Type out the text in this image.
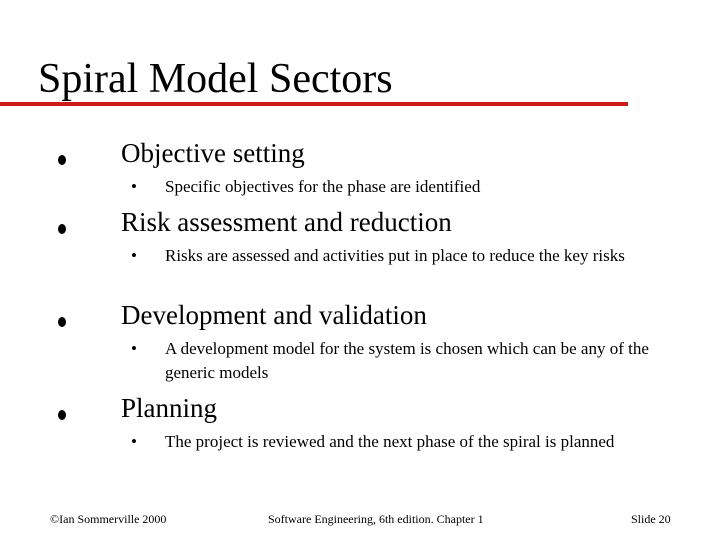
Spiral Model Sectors
Objective setting
• Specific objectives for the phase are identified
Risk assessment and reduction
• Risks are assessed and activities put in place to reduce the key risks
Development and validation
• A development model for the system is chosen which can be any of the generic models
Planning
• The project is reviewed and the next phase of the spiral is planned
©Ian Sommerville 2000	Software Engineering, 6th edition. Chapter 1	Slide 20
